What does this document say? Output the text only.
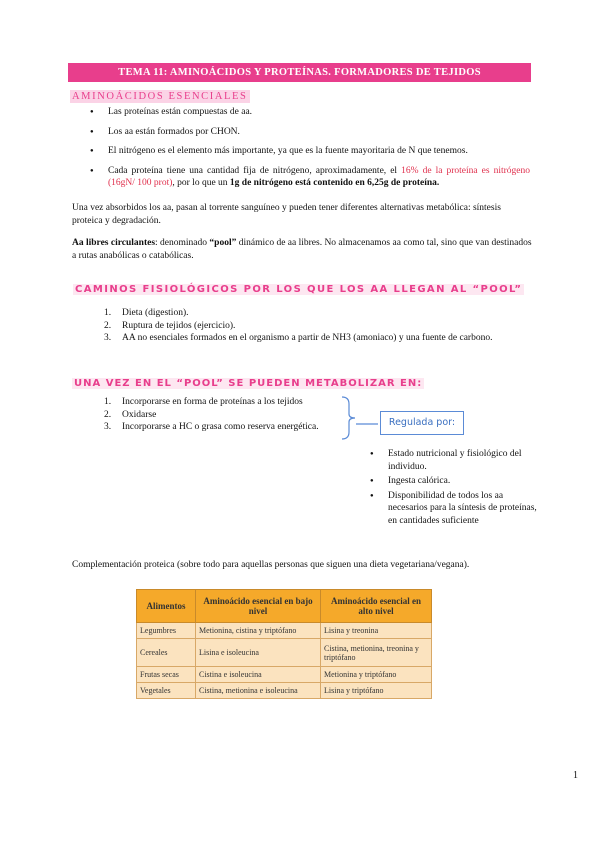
TEMA 11: AMINOÁCIDOS Y PROTEÍNAS. FORMADORES DE TEJIDOS
AMINOÁCIDOS ESENCIALES
● Las proteínas están compuestas de aa.
● Los aa están formados por CHON.
● El nitrógeno es el elemento más importante, ya que es la fuente mayoritaria de N que tenemos.
● Cada proteína tiene una cantidad fija de nitrógeno, aproximadamente, el 16% de la proteína es nitrógeno (16gN/ 100 prot), por lo que un 1g de nitrógeno está contenido en 6,25g de proteína.
Una vez absorbidos los aa, pasan al torrente sanguíneo y pueden tener diferentes alternativas metabólica: síntesis proteica y degradación.
Aa libres circulantes: denominado “pool” dinámico de aa libres. No almacenamos aa como tal, sino que van destinados a rutas anabólicas o catabólicas.
CAMINOS FISIOLÓGICOS POR LOS QUE LOS AA LLEGAN AL “POOL”
1. Dieta (digestion).
2. Ruptura de tejidos (ejercicio).
3. AA no esenciales formados en el organismo a partir de NH3 (amoniaco) y una fuente de carbono.
UNA VEZ EN EL “POOL” SE PUEDEN METABOLIZAR EN:
1. Incorporarse en forma de proteínas a los tejidos
2. Oxidarse
3. Incorporarse a HC o grasa como reserva energética.	Regulada por:
● Estado nutricional y fisiológico del individuo.
● Ingesta calórica.
● Disponibilidad de todos los aa necesarios para la síntesis de proteínas, en cantidades suficiente
Complementación proteica (sobre todo para aquellas personas que siguen una dieta vegetariana/vegana).
Alimentos	Aminoácido esencial en bajo nivel	Aminoácido esencial en alto nivel
Legumbres	Metionina, cistina y triptófano	Lisina y treonina
Cereales	Lisina e isoleucina	Cistina, metionina, treonina y triptófano
Frutas secas	Cistina e isoleucina	Metionina y triptófano
Vegetales	Cistina, metionina e isoleucina	Lisina y triptófano
1
